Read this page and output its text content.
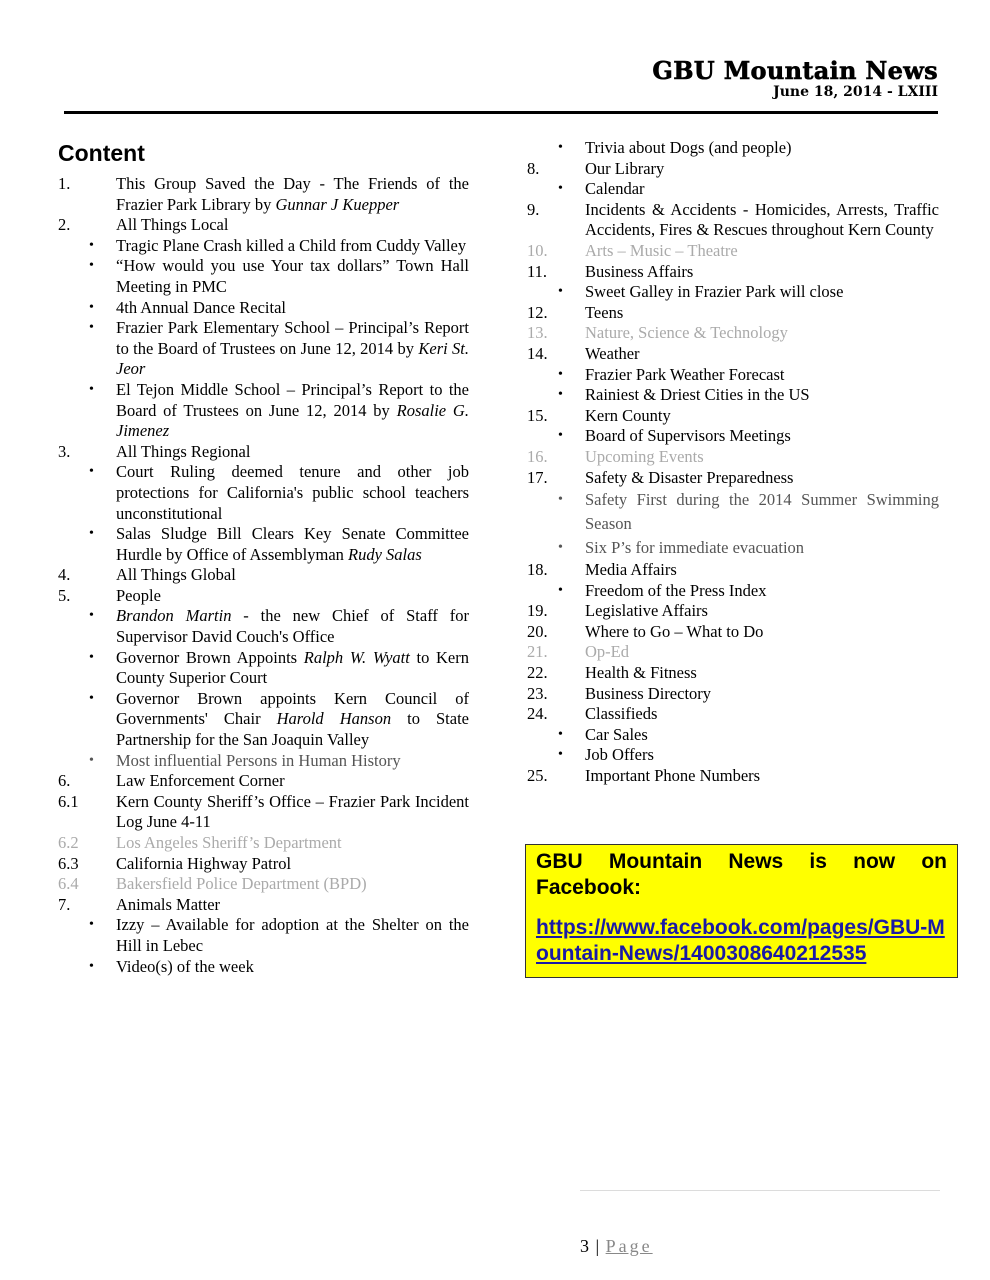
GBU Mountain News
June 18, 2014 - LXIII
Content
1.	This Group Saved the Day - The Friends of the Frazier Park Library by Gunnar J Kuepper
2.	All Things Local
• Tragic Plane Crash killed a Child from Cuddy Valley
• “How would you use Your tax dollars” Town Hall Meeting in PMC
• 4th Annual Dance Recital
• Frazier Park Elementary School – Principal’s Report to the Board of Trustees on June 12, 2014 by Keri St. Jeor
• El Tejon Middle School – Principal’s Report to the Board of Trustees on June 12, 2014 by Rosalie G. Jimenez
3.	All Things Regional
• Court Ruling deemed tenure and other job protections for California's public school teachers unconstitutional
• Salas Sludge Bill Clears Key Senate Committee Hurdle by Office of Assemblyman Rudy Salas
4.	All Things Global
5.	People
• Brandon Martin - the new Chief of Staff for Supervisor David Couch's Office
• Governor Brown Appoints Ralph W. Wyatt to Kern County Superior Court
• Governor Brown appoints Kern Council of Governments' Chair Harold Hanson to State Partnership for the San Joaquin Valley
• Most influential Persons in Human History
6.	Law Enforcement Corner
6.1 Kern County Sheriff’s Office – Frazier Park Incident Log June 4-11
6.2 Los Angeles Sheriff’s Department
6.3 California Highway Patrol
6.4 Bakersfield Police Department (BPD)
7.	Animals Matter
• Izzy – Available for adoption at the Shelter on the Hill in Lebec
• Video(s) of the week
• Trivia about Dogs (and people)
8.	Our Library
• Calendar
9.	Incidents & Accidents - Homicides, Arrests, Traffic Accidents, Fires & Rescues throughout Kern County
10. Arts – Music – Theatre
11. Business Affairs
• Sweet Galley in Frazier Park will close
12. Teens
13. Nature, Science & Technology
14. Weather
• Frazier Park Weather Forecast
• Rainiest & Driest Cities in the US
15. Kern County
• Board of Supervisors Meetings
16. Upcoming Events
17. Safety & Disaster Preparedness
• Safety First during the 2014 Summer Swimming Season
• Six P’s for immediate evacuation
18. Media Affairs
• Freedom of the Press Index
19. Legislative Affairs
20. Where to Go – What to Do
21. Op-Ed
22. Health & Fitness
23. Business Directory
24. Classifieds
• Car Sales
• Job Offers
25. Important Phone Numbers
GBU Mountain News is now on Facebook:
https://www.facebook.com/pages/GBU-Mountain-News/1400308640212535
3 | Page
